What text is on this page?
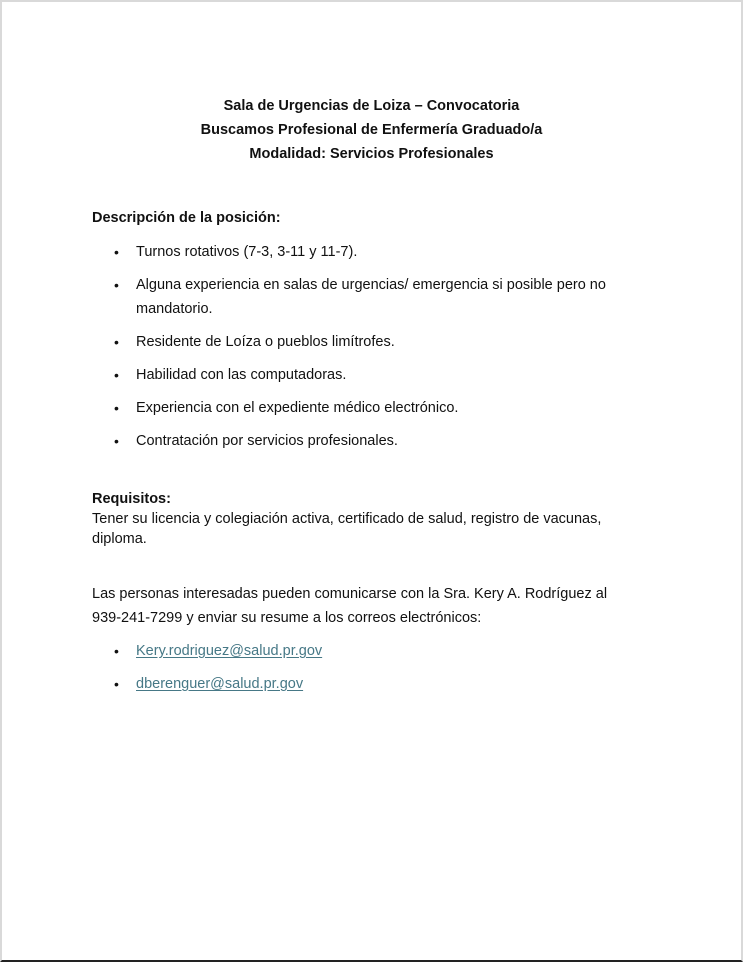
Sala de Urgencias de Loiza – Convocatoria
Buscamos Profesional de Enfermería Graduado/a
Modalidad: Servicios Profesionales
Descripción de la posición:
• Turnos rotativos (7-3, 3-11 y 11-7).
• Alguna experiencia en salas de urgencias/ emergencia si posible pero no mandatorio.
• Residente de Loíza o pueblos limítrofes.
• Habilidad con las computadoras.
• Experiencia con el expediente médico electrónico.
• Contratación por servicios profesionales.
Requisitos:
Tener su licencia y colegiación activa, certificado de salud, registro de vacunas, diploma.
Las personas interesadas pueden comunicarse con la Sra. Kery A. Rodríguez al 939-241-7299 y enviar su resume a los correos electrónicos:
• Kery.rodriguez@salud.pr.gov
• dberenguer@salud.pr.gov
